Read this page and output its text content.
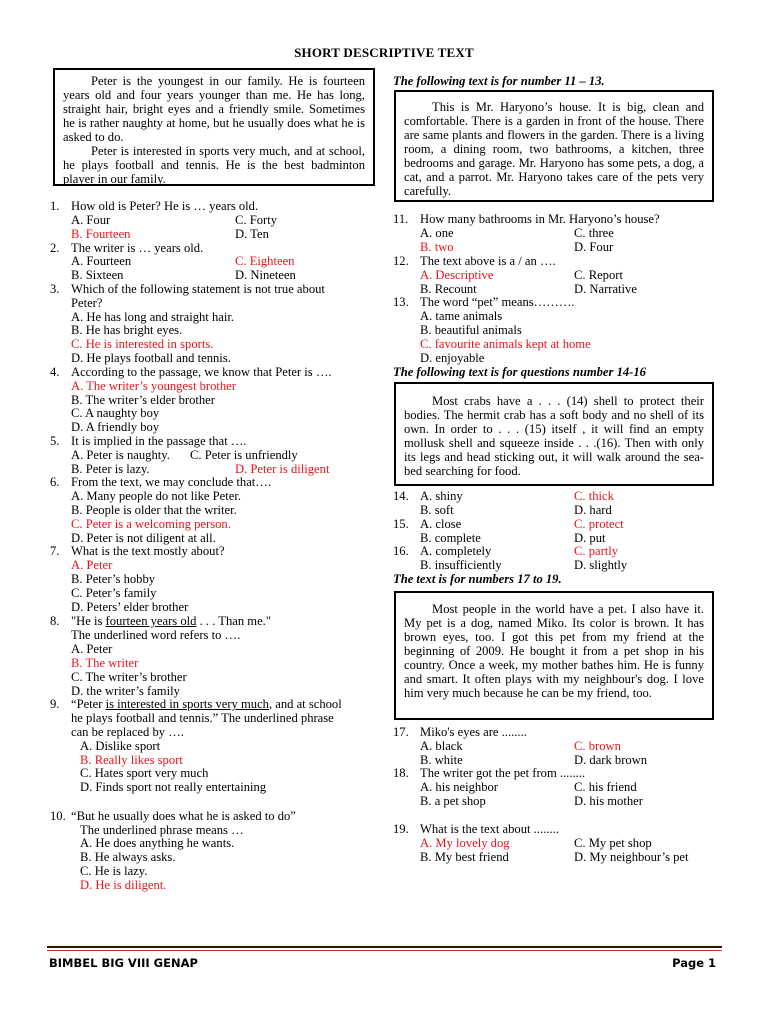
SHORT DESCRIPTIVE TEXT

Peter is the youngest in our family. He is fourteen years old and four years younger than me. He has long, straight hair, bright eyes and a friendly smile. Sometimes he is rather naughty at home, but he usually does what he is asked to do.

Peter is interested in sports very much, and at school, he plays football and tennis. He is the best badminton player in our family.

1. How old is Peter? He is … years old.
A. Four	C. Forty
B. Fourteen	D. Ten
2. The writer is … years old.
A. Fourteen	C. Eighteen
B. Sixteen	D. Nineteen
3. Which of the following statement is not true about
Peter?
A. He has long and straight hair.
B. He has bright eyes.
C. He is interested in sports.
D. He plays football and tennis.
4. According to the passage, we know that Peter is ….
A. The writer’s youngest brother
B. The writer’s elder brother
C. A naughty boy
D. A friendly boy
5. It is implied in the passage that ….
A. Peter is naughty. C. Peter is unfriendly
B. Peter is lazy.	D. Peter is diligent
6. From the text, we may conclude that….
A. Many people do not like Peter.
B. People is older that the writer.
C. Peter is a welcoming person.
D. Peter is not diligent at all.
7. What is the text mostly about?
A. Peter
B. Peter’s hobby
C. Peter’s family
D. Peters’ elder brother
8. "He is fourteen years old . . . Than me."
The underlined word refers to ….
A. Peter
B. The writer
C. The writer’s brother
D. the writer’s family
9. “Peter is interested in sports very much, and at school
he plays football and tennis.” The underlined phrase
can be replaced by ….
A. Dislike sport
B. Really likes sport
C. Hates sport very much
D. Finds sport not really entertaining
10. “But he usually does what he is asked to do”
The underlined phrase means …
A. He does anything he wants.
B. He always asks.
C. He is lazy.
D. He is diligent.
The following text is for number 11 – 13.

This is Mr. Haryono’s house. It is big, clean and comfortable. There is a garden in front of the house. There are same plants and flowers in the garden. There is a living room, a dining room, two bathrooms, a kitchen, three bedrooms and garage. Mr. Haryono has some pets, a dog, a cat, and a parrot. Mr. Haryono takes care of the pets very carefully.

11. How many bathrooms in Mr. Haryono’s house?
A. one	C. three
B. two	D. Four
12. The text above is a / an ….
A. Descriptive	C. Report
B. Recount	D. Narrative
13. The word “pet” means……….
A. tame animals
B. beautiful animals
C. favourite animals kept at home
D. enjoyable
The following text is for questions number 14-16

Most crabs have a . . . (14) shell to protect their bodies. The hermit crab has a soft body and no shell of its own. In order to . . . (15) itself , it will find an empty mollusk shell and squeeze inside . . .(16). Then with only its legs and head sticking out, it will walk around the sea-bed searching for food.

14. A. shiny	C. thick
B. soft	D. hard
15. A. close	C. protect
B. complete	D. put
16. A. completely	C. partly
B. insufficiently	D. slightly
The text is for numbers 17 to 19.

Most people in the world have a pet. I also have it. My pet is a dog, named Miko. Its color is brown. It has brown eyes, too. I got this pet from my friend at the beginning of 2009. He bought it from a pet shop in his country. Once a week, my mother bathes him. He is funny and smart. It often plays with my neighbour's dog. I love him very much because he can be my friend, too.

17. Miko's eyes are ........
A. black	C. brown
B. white	D. dark brown
18. The writer got the pet from ........
A. his neighbor	C. his friend
B. a pet shop	D. his mother
19. What is the text about ........
A. My lovely dog	C. My pet shop
B. My best friend	D. My neighbour’s pet
BIMBEL BIG VIII GENAP	Page 1
